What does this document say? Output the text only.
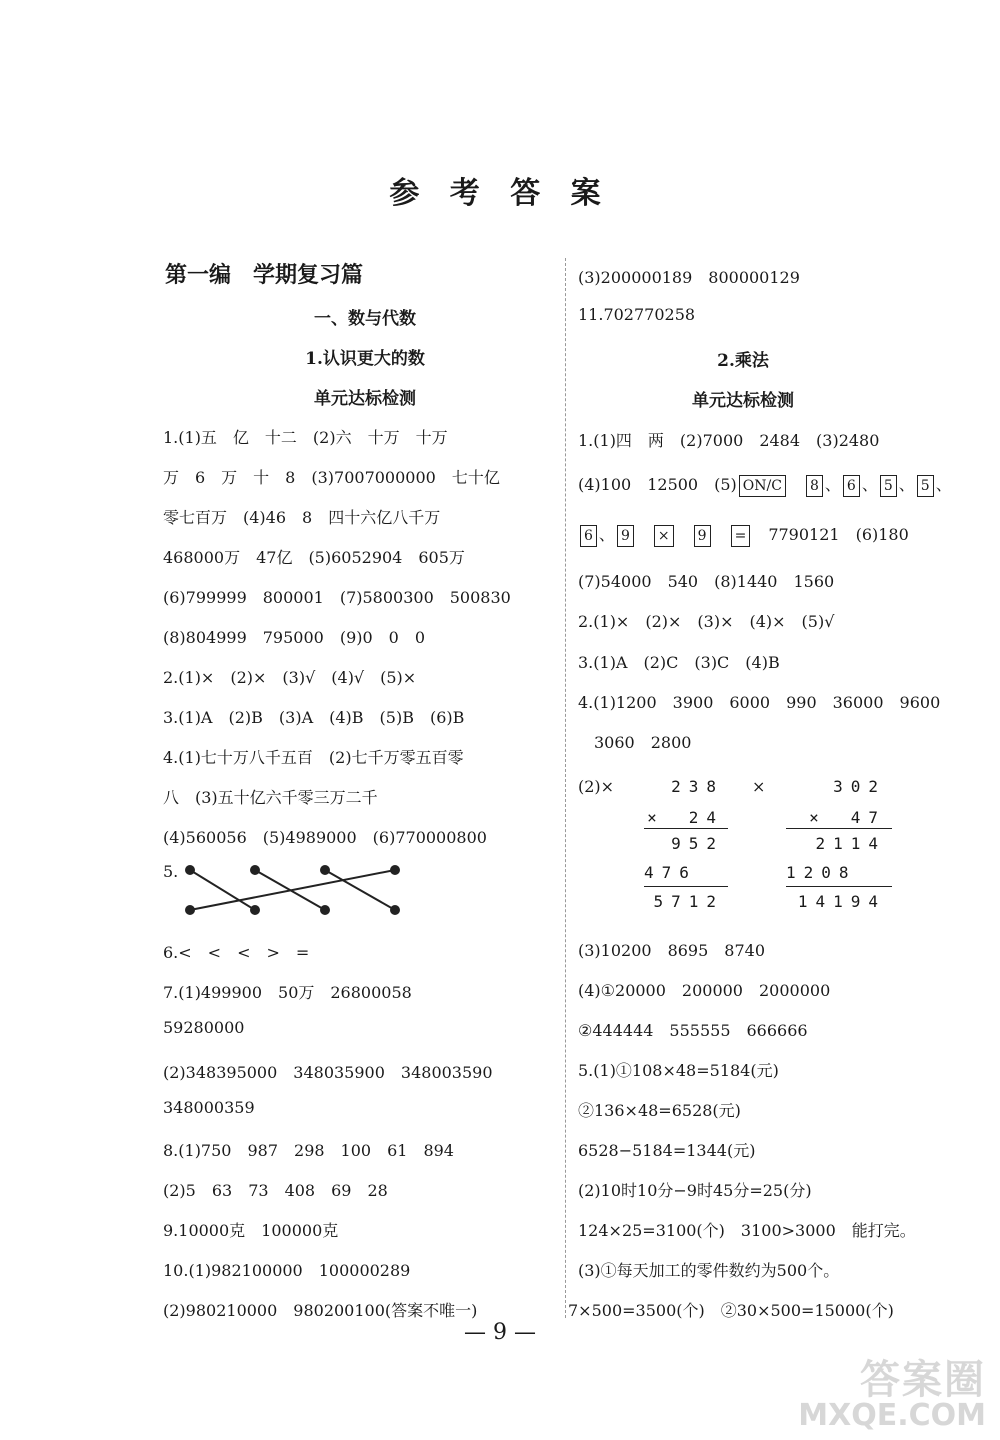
参 考 答 案
第一编　学期复习篇
一、数与代数
1.认识更大的数
单元达标检测
1.(1)五　亿　十二　(2)六　十万　十万
万　6　万　十　8　(3)7007000000　七十亿
零七百万　(4)46　8　四十六亿八千万
468000万　47亿　(5)6052904　605万
(6)799999　800001　(7)5800300　500830
(8)804999　795000　(9)0　0　0
2.(1)×　(2)×　(3)√　(4)√　(5)×
3.(1)A　(2)B　(3)A　(4)B　(5)B　(6)B
4.(1)七十万八千五百　(2)七千万零五百零
八　(3)五十亿六千零三万二千
(4)560056　(5)4989000　(6)770000800
5.
6.<　<　<　>　=
7.(1)499900　50万　26800058
59280000
(2)348395000　348035900　348003590
348000359
8.(1)750　987　298　100　61　894
(2)5　63　73　408　69　28
9.10000克　100000克
10.(1)982100000　100000289
(2)980210000　980200100(答案不唯一)
(3)200000189　800000129
11.702770258
2.乘法
单元达标检测
1.(1)四　两　(2)7000　2484　(3)2480
(4)100　12500　(5) ON/C　 8 、 6 、 5 、 5 、
6 、 9　 ×　 9　 =　 7790121　(6)180
(7)54000　540　(8)1440　1560
2.(1)×　(2)×　(3)×　(4)×　(5)√
3.(1)A　(2)C　(3)C　(4)B
4.(1)1200　3900　6000　990　36000　9600
3060　2800
(2)×	238 ×
×　24
952
476
5712
302
×　47
2114
1208
14194
(3)10200　8695　8740
(4)①20000　200000　2000000
②444444　555555　666666
5.(1)①108×48=5184(元)
②136×48=6528(元)
6528−5184=1344(元)
(2)10时10分−9时45分=25(分)
124×25=3100(个)　3100>3000　能打完。
(3)①每天加工的零件数约为500个。
7×500=3500(个)　②30×500=15000(个)
— 9 —
答案圈
MXQE.COM
